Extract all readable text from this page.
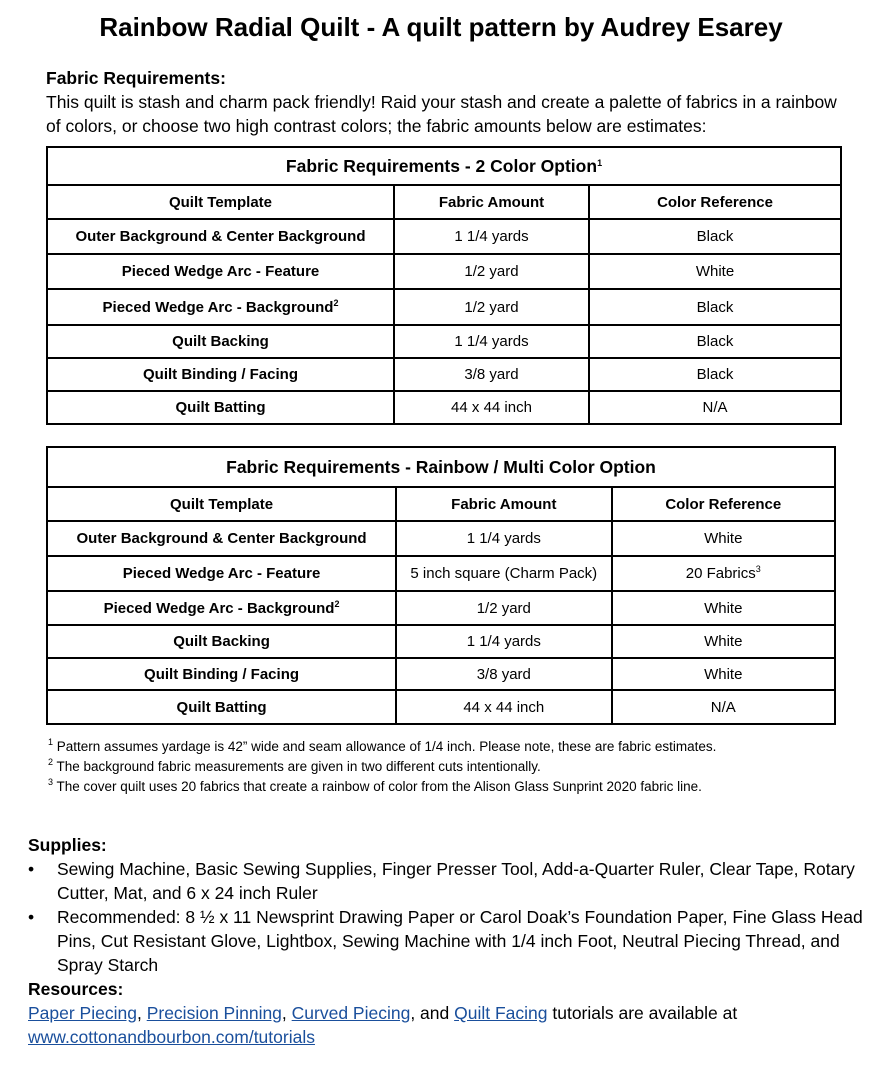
Rainbow Radial Quilt - A quilt pattern by Audrey Esarey
Fabric Requirements:
This quilt is stash and charm pack friendly! Raid your stash and create a palette of fabrics in a rainbow of colors, or choose two high contrast colors; the fabric amounts below are estimates:
Fabric Requirements - 2 Color Option$^1$
Quilt Template	Fabric Amount	Color Reference
Outer Background & Center Background	1 1/4 yards	Black
Pieced Wedge Arc - Feature	1/2 yard	White
Pieced Wedge Arc - Background$^2$	1/2 yard	Black
Quilt Backing	1 1/4 yards	Black
Quilt Binding / Facing	3/8 yard	Black
Quilt Batting	44 x 44 inch	N/A
Fabric Requirements - Rainbow / Multi Color Option		
Quilt Template	Fabric Amount	Color Reference
Outer Background & Center Background	1 1/4 yards	White
Pieced Wedge Arc - Feature	5 inch square (Charm Pack)	20 Fabrics$^3$
Pieced Wedge Arc - Background$^2$	1/2 yard	White
Quilt Backing	1 1/4 yards	White
Quilt Binding / Facing	3/8 yard	White
Quilt Batting	44 x 44 inch	N/A
$^1$ Pattern assumes yardage is 42” wide and seam allowance of 1/4 inch. Please note, these are fabric estimates.
$^2$ The background fabric measurements are given in two different cuts intentionally.
$^3$ The cover quilt uses 20 fabrics that create a rainbow of color from the Alison Glass Sunprint 2020 fabric line.
Supplies:
• Sewing Machine, Basic Sewing Supplies, Finger Presser Tool, Add-a-Quarter Ruler, Clear Tape, Rotary Cutter, Mat, and 6 x 24 inch Ruler
• Recommended: 8 ½ x 11 Newsprint Drawing Paper or Carol Doak’s Foundation Paper, Fine Glass Head Pins, Cut Resistant Glove, Lightbox, Sewing Machine with 1/4 inch Foot, Neutral Piecing Thread, and Spray Starch
Resources:
Paper Piecing, Precision Pinning, Curved Piecing, and Quilt Facing tutorials are available at
www.cottonandbourbon.com/tutorials
